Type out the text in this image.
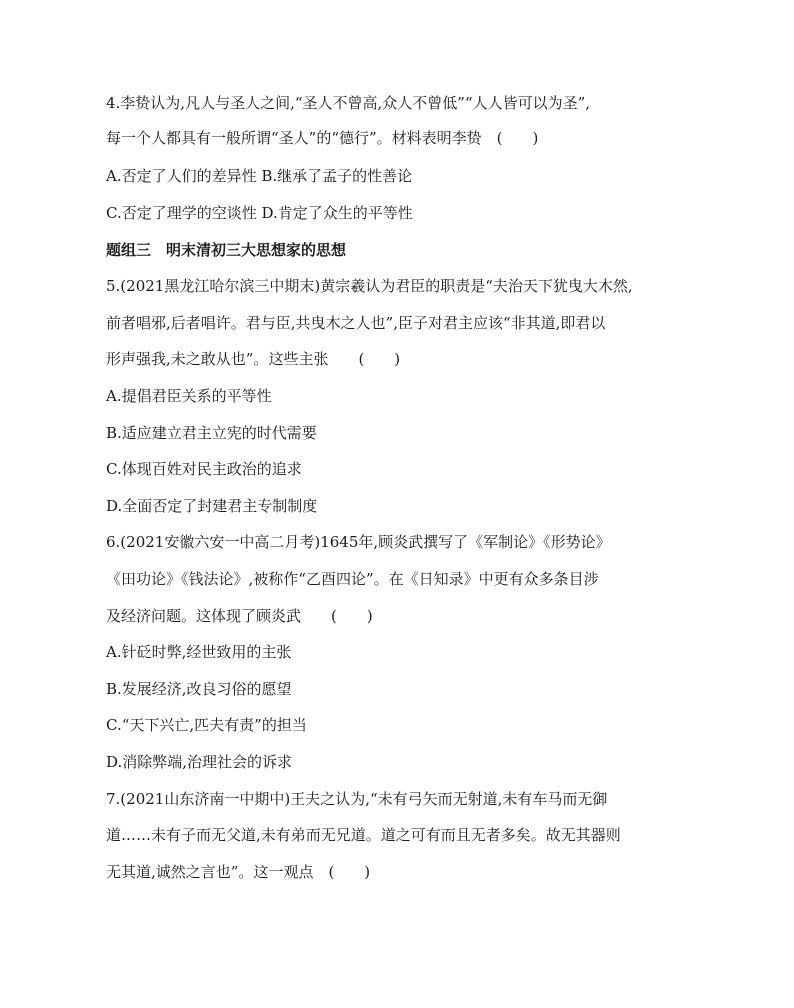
4.李贽认为,凡人与圣人之间,“圣人不曾高,众人不曾低”“人人皆可以为圣”,
每一个人都具有一般所谓“圣人”的“德行”。材料表明李贽　(　　)
A.否定了人们的差异性 B.继承了孟子的性善论
C.否定了理学的空谈性 D.肯定了众生的平等性
题组三　明末清初三大思想家的思想
5.(2021黑龙江哈尔滨三中期末)黄宗羲认为君臣的职责是“夫治天下犹曳大木然,
前者唱邪,后者唱许。君与臣,共曳木之人也”,臣子对君主应该“非其道,即君以
形声强我,未之敢从也”。这些主张　　(　　)
A.提倡君臣关系的平等性
B.适应建立君主立宪的时代需要
C.体现百姓对民主政治的追求
D.全面否定了封建君主专制制度
6.(2021安徽六安一中高二月考)1645年,顾炎武撰写了《军制论》《形势论》
《田功论》《钱法论》,被称作“乙酉四论”。在《日知录》中更有众多条目涉
及经济问题。这体现了顾炎武　　(　　)
A.针砭时弊,经世致用的主张
B.发展经济,改良习俗的愿望
C.“天下兴亡,匹夫有责”的担当
D.消除弊端,治理社会的诉求
7.(2021山东济南一中期中)王夫之认为,“未有弓矢而无射道,未有车马而无御
道……未有子而无父道,未有弟而无兄道。道之可有而且无者多矣。故无其器则
无其道,诚然之言也”。这一观点　(　　)
